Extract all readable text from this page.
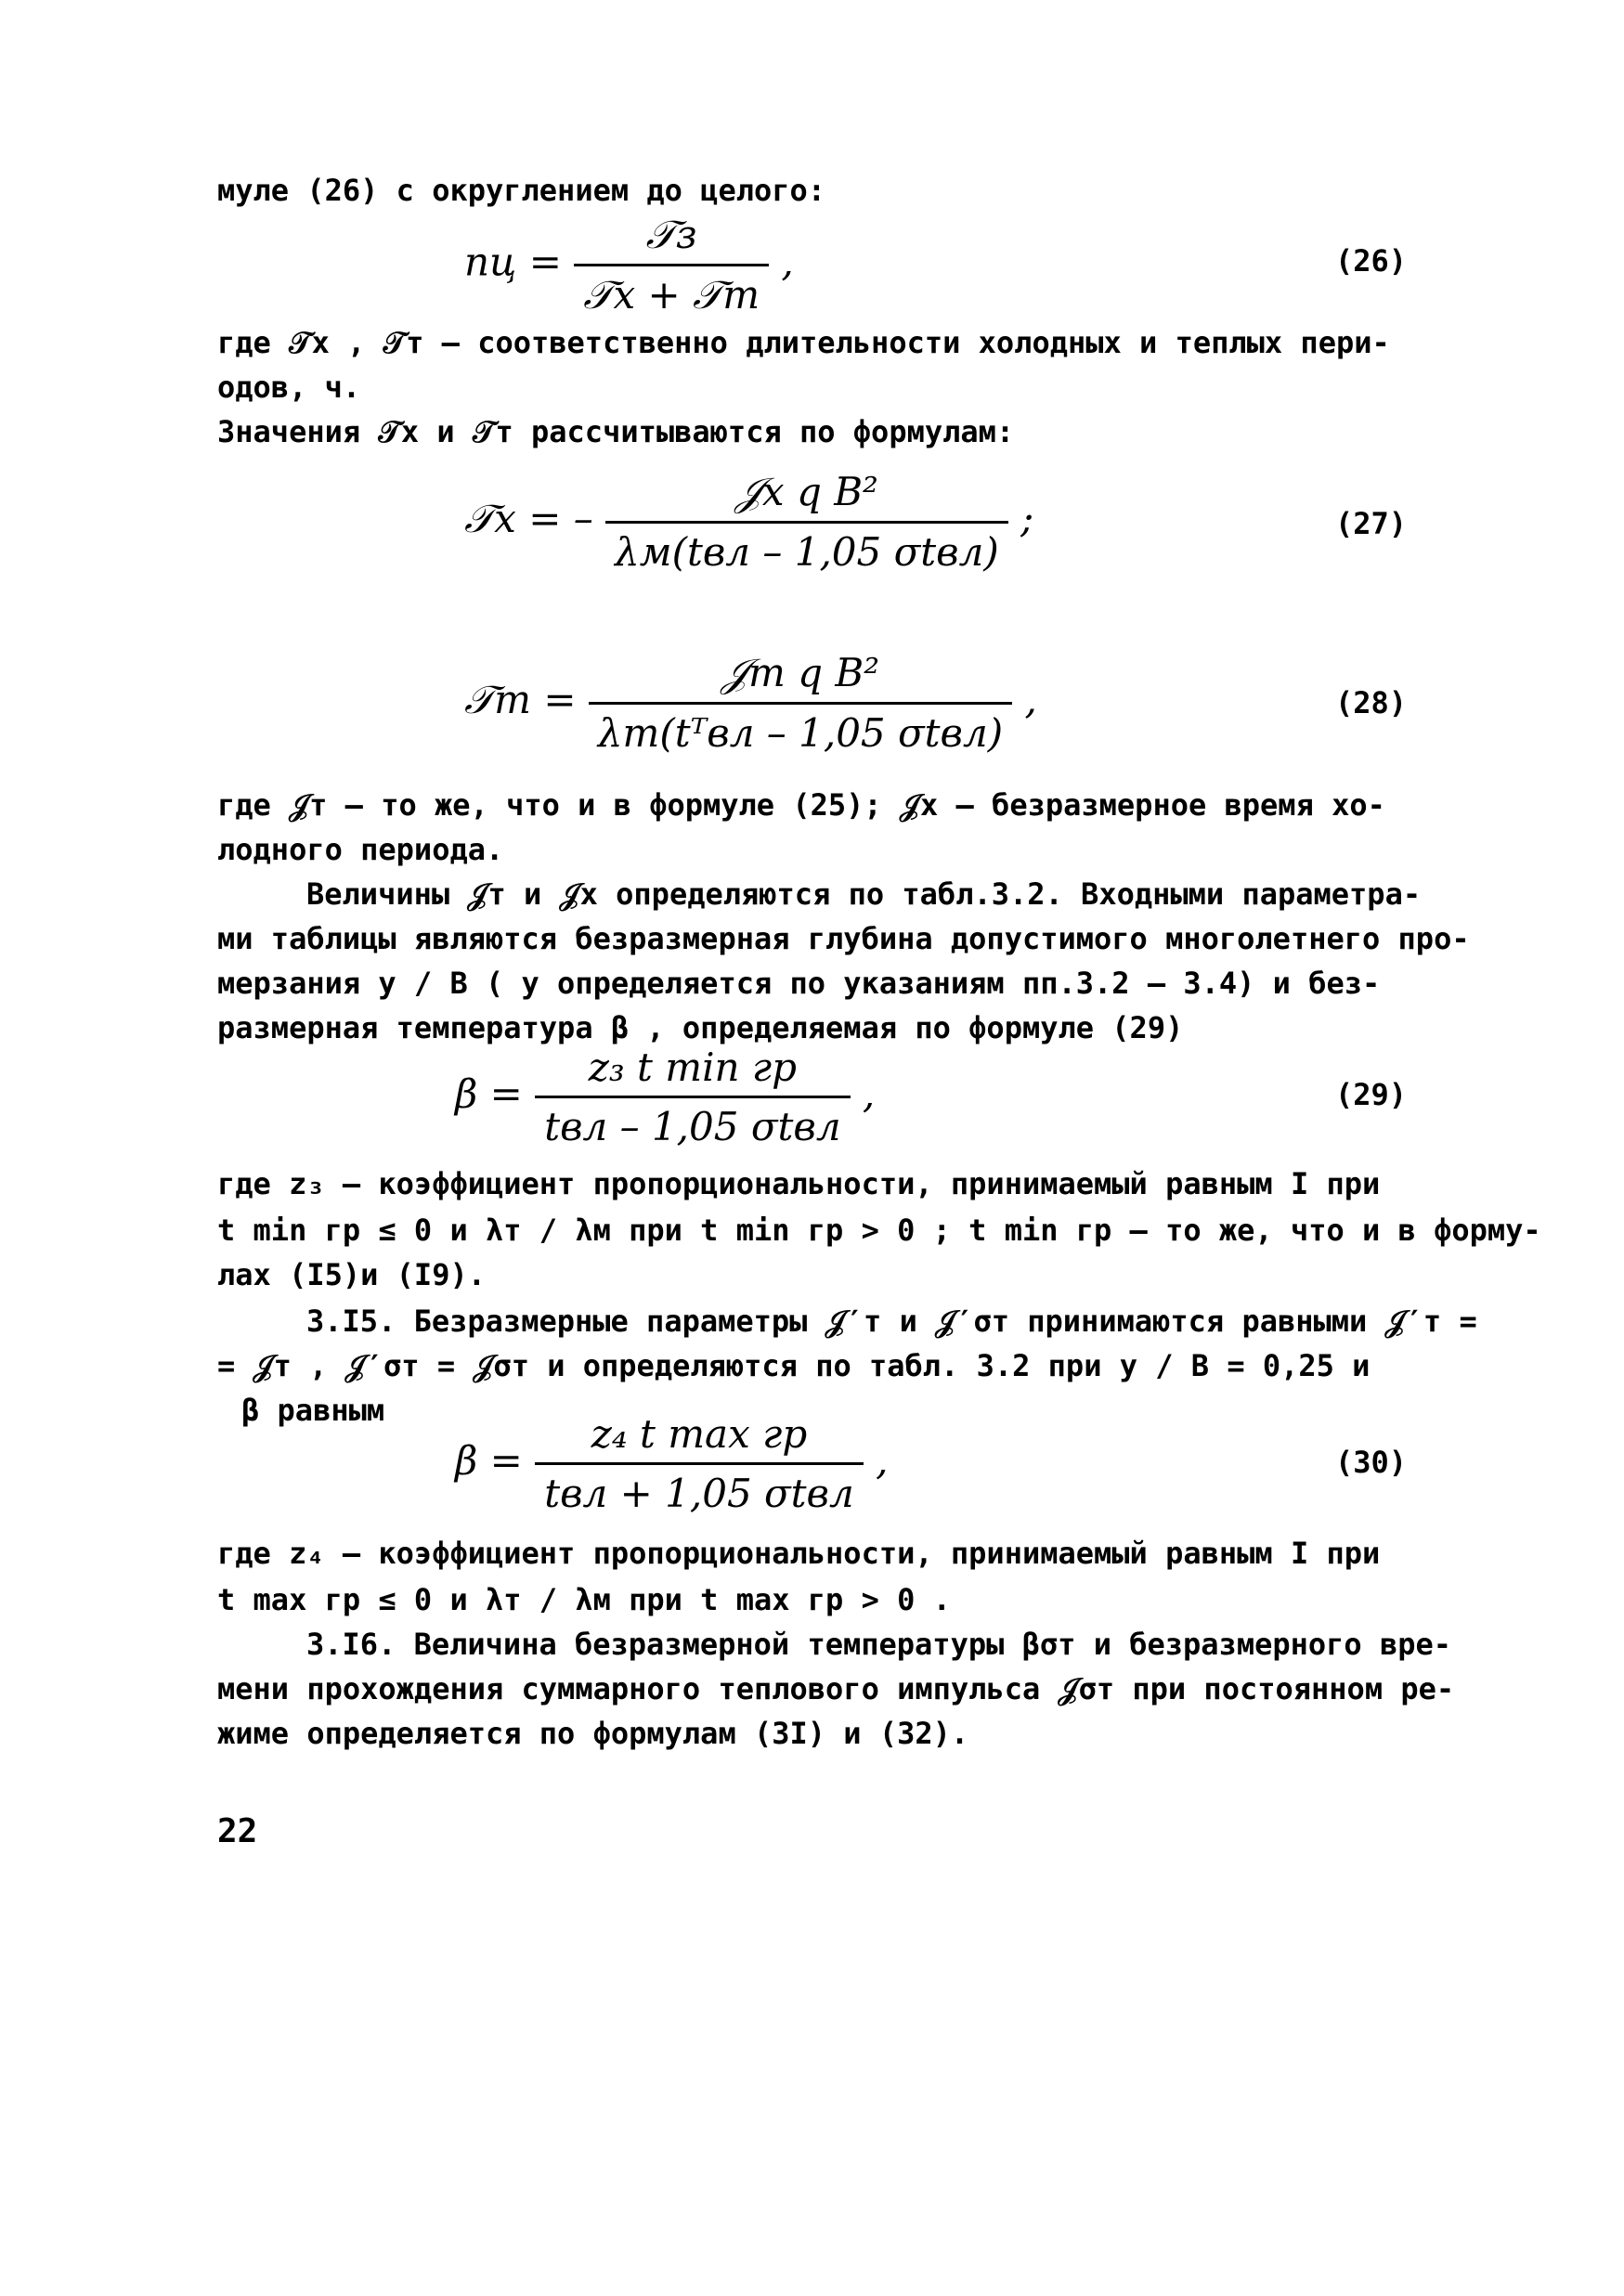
муле (26) с округлением до целого:
nц = $\frac{\text{𝒯з}}{\text{𝒯x + 𝒯т}}$ ,	(26)
где 𝒯x , 𝒯т – соответственно длительности холодных и теплых пери-
одов, ч.
Значения 𝒯x и 𝒯т рассчитываются по формулам:
𝒯x = – $\frac{\text{𝒥x q B²}}{\text{λм(tвл – 1,05 σtвл)}}$ ;	(27)
𝒯т = $\frac{\text{𝒥т q B²}}{\text{λт(tᵀвл – 1,05 σtвл)}}$ ,	(28)
где 𝒥т – то же, что и в формуле (25); 𝒥x – безразмерное время хо-
лодного периода.
Величины 𝒥т и 𝒥x определяются по табл.3.2. Входными параметра-
ми таблицы являются безразмерная глубина допустимого многолетнего про-
мерзания у / В ( у определяется по указаниям пп.3.2 – 3.4) и без-
размерная температура β , определяемая по формуле (29)
$\beta = \frac{\text{z₃ t min гр}}{\text{tвл – 1,05 σtвл}}$ ,	(29)
где z₃ – коэффициент пропорциональности, принимаемый равным I при
t min гр ≤ 0 и λт / λм при t min гр > 0 ; t min гр – то же, что и в форму-
лах (I5)и (I9).
3.I5. Безразмерные параметры 𝒥′т и 𝒥′σт принимаются равными 𝒥′т =
= 𝒥т , 𝒥′σт = 𝒥σт и определяются по табл. 3.2 при у / В = 0,25 и
β равным
$\beta = \frac{\text{z₄ t max гр}}{\text{tвл + 1,05 σtвл}}$ ,	(30)
где z₄ – коэффициент пропорциональности, принимаемый равным I при
t max гр ≤ 0 и λт / λм при t max гр > 0 .
3.I6. Величина безразмерной температуры βσт и безразмерного вре-
мени прохождения суммарного теплового импульса 𝒥σт при постоянном ре-
жиме определяется по формулам (3I) и (32).
22
